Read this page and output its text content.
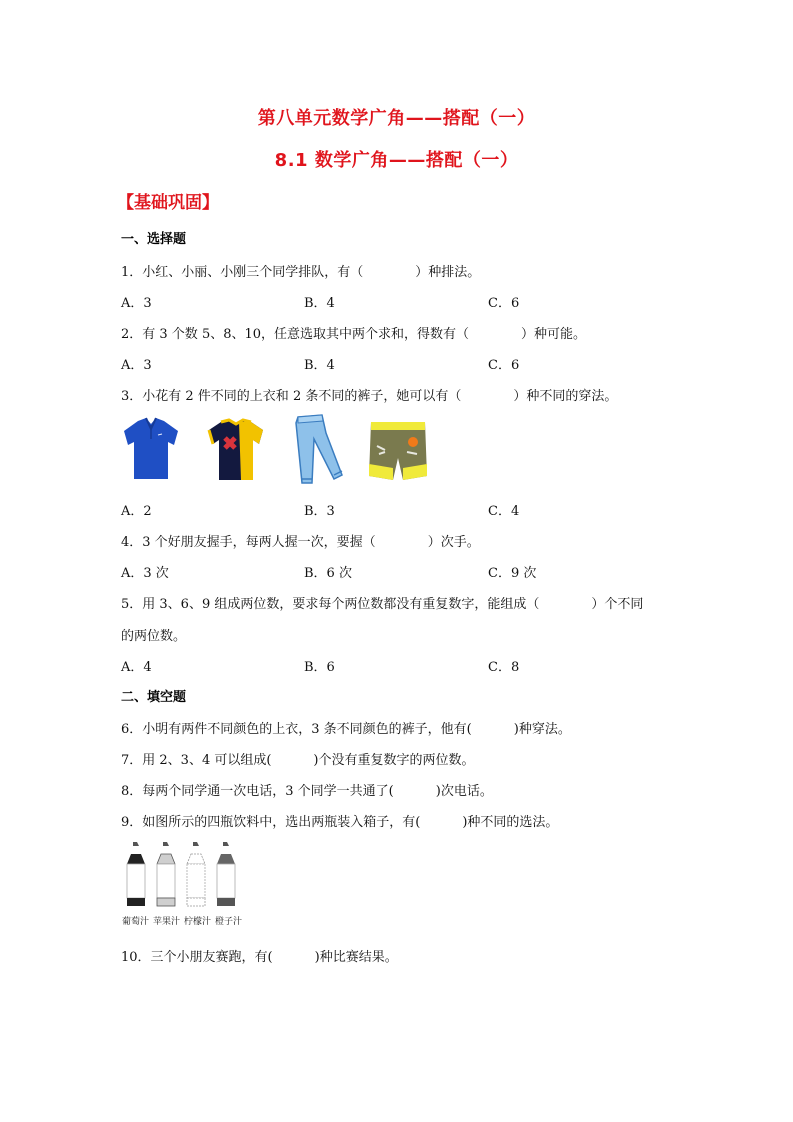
第八单元数学广角——搭配（一）
8.1 数学广角——搭配（一）
【基础巩固】
一、选择题
1．小红、小丽、小刚三个同学排队，有（	）种排法。
A．3	B．4	C．6
2．有 3 个数 5、8、10，任意选取其中两个求和，得数有（	）种可能。
A．3	B．4	C．6
3．小花有 2 件不同的上衣和 2 条不同的裤子，她可以有（	）种不同的穿法。
A．2	B．3	C．4
4．3 个好朋友握手，每两人握一次，要握（	）次手。
A．3 次	B．6 次	C．9 次
5．用 3、6、9 组成两位数，要求每个两位数都没有重复数字，能组成（	）个不同
的两位数。
A．4	B．6	C．8
二、填空题
6．小明有两件不同颜色的上衣，3 条不同颜色的裤子，他有(	)种穿法。
7．用 2、3、4 可以组成(	)个没有重复数字的两位数。
8．每两个同学通一次电话，3 个同学一共通了(	)次电话。
9．如图所示的四瓶饮料中，选出两瓶装入箱子，有(	)种不同的选法。
葡萄汁 苹果汁 柠檬汁 橙子汁
10．三个小朋友赛跑，有(	)种比赛结果。
